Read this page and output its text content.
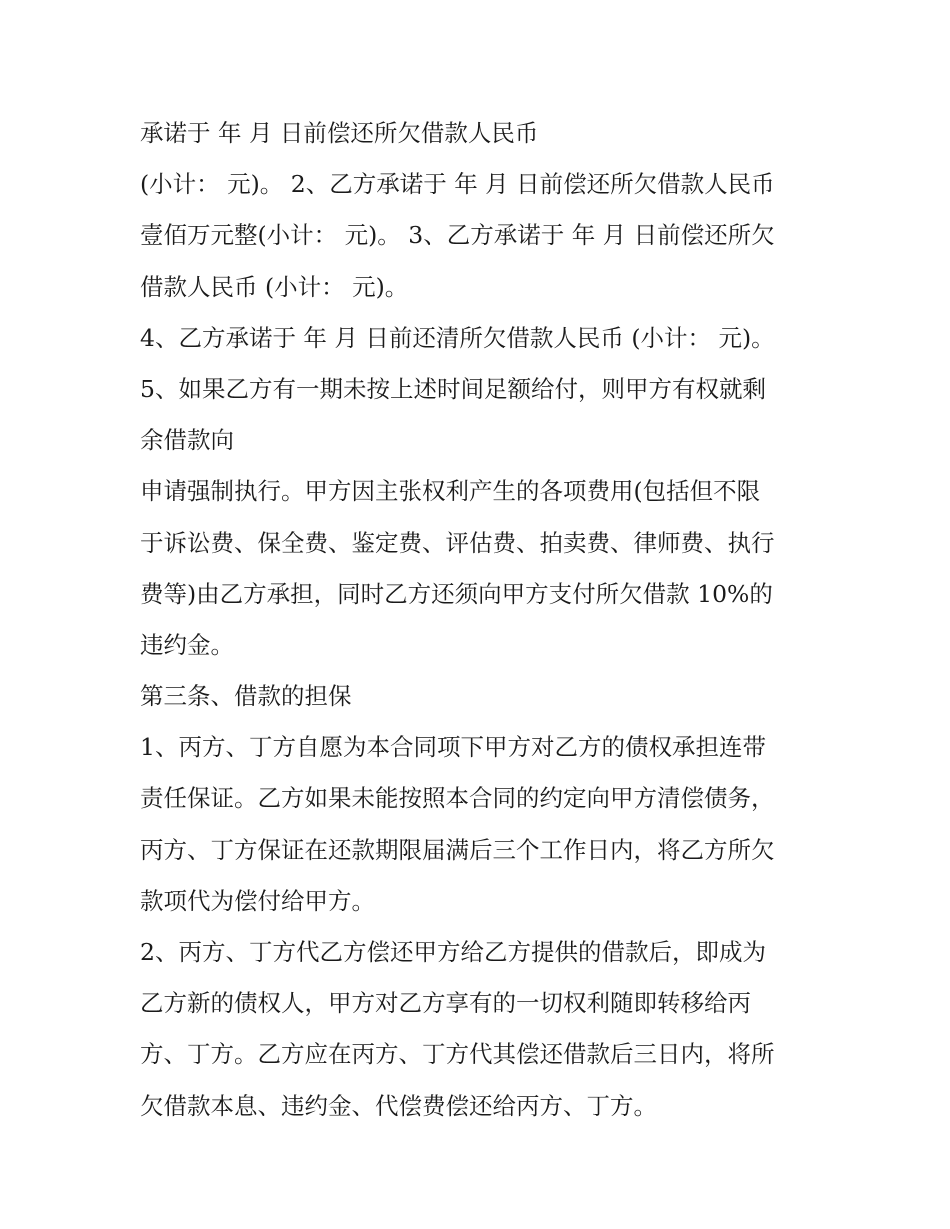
承诺于 年 月 日前偿还所欠借款人民币
(小计： 元)。 2、乙方承诺于 年 月 日前偿还所欠借款人民币
壹佰万元整(小计： 元)。 3、乙方承诺于 年 月 日前偿还所欠
借款人民币 (小计： 元)。
4、乙方承诺于 年 月 日前还清所欠借款人民币 (小计： 元)。
5、如果乙方有一期未按上述时间足额给付，则甲方有权就剩
余借款向
申请强制执行。甲方因主张权利产生的各项费用(包括但不限
于诉讼费、保全费、鉴定费、评估费、拍卖费、律师费、执行
费等)由乙方承担，同时乙方还须向甲方支付所欠借款 10%的
违约金。
第三条、借款的担保
1、丙方、丁方自愿为本合同项下甲方对乙方的债权承担连带
责任保证。乙方如果未能按照本合同的约定向甲方清偿债务，
丙方、丁方保证在还款期限届满后三个工作日内，将乙方所欠
款项代为偿付给甲方。
2、丙方、丁方代乙方偿还甲方给乙方提供的借款后，即成为
乙方新的债权人，甲方对乙方享有的一切权利随即转移给丙
方、丁方。乙方应在丙方、丁方代其偿还借款后三日内，将所
欠借款本息、违约金、代偿费偿还给丙方、丁方。
